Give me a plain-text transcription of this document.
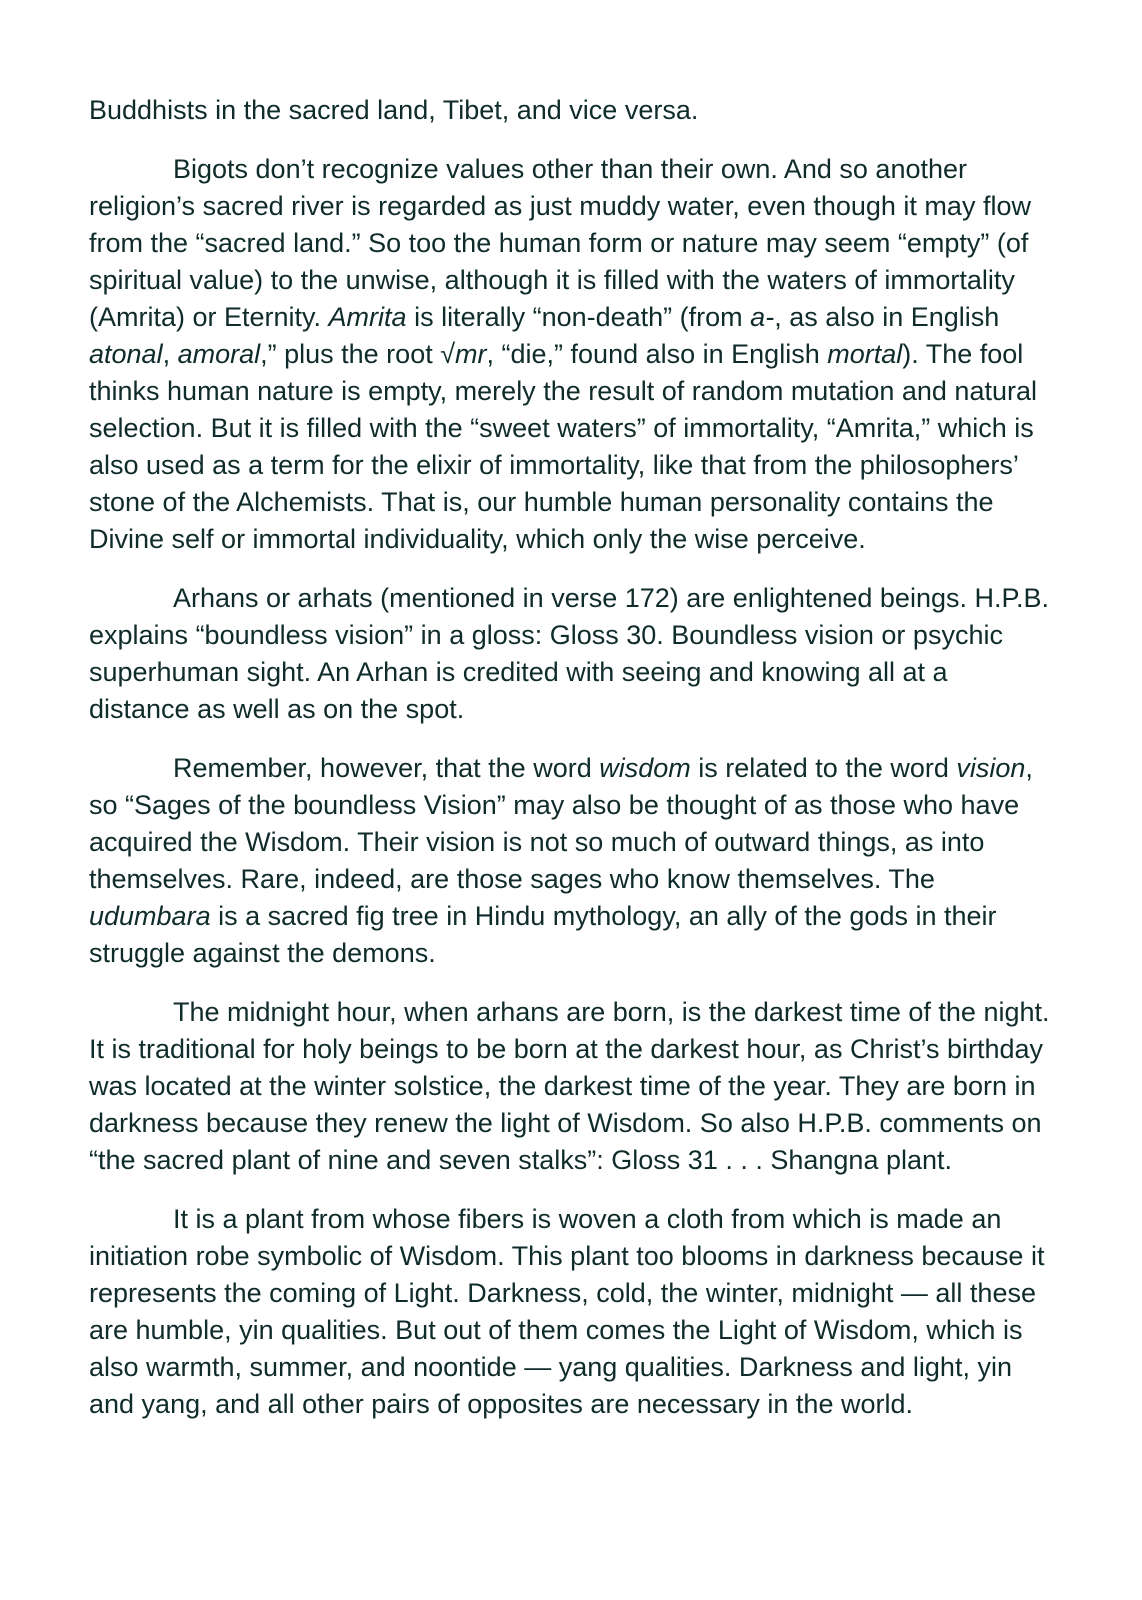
Buddhists in the sacred land, Tibet, and vice versa.

Bigots don’t recognize values other than their own. And so another religion’s sacred river is regarded as just muddy water, even though it may flow from the “sacred land.” So too the human form or nature may seem “empty” (of spiritual value) to the unwise, although it is filled with the waters of immortality (Amrita) or Eternity. Amrita is literally “non-death” (from a-, as also in English atonal, amoral,” plus the root √mr, “die,” found also in English mortal). The fool thinks human nature is empty, merely the result of random mutation and natural selection. But it is filled with the “sweet waters” of immortality, “Amrita,” which is also used as a term for the elixir of immortality, like that from the philosophers’ stone of the Alchemists. That is, our humble human personality contains the Divine self or immortal individuality, which only the wise perceive.

Arhans or arhats (mentioned in verse 172) are enlightened beings. H.P.B. explains “boundless vision” in a gloss: Gloss 30. Boundless vision or psychic superhuman sight. An Arhan is credited with seeing and knowing all at a distance as well as on the spot.

Remember, however, that the word wisdom is related to the word vision, so “Sages of the boundless Vision” may also be thought of as those who have acquired the Wisdom. Their vision is not so much of outward things, as into themselves. Rare, indeed, are those sages who know themselves. The udumbara is a sacred fig tree in Hindu mythology, an ally of the gods in their struggle against the demons.

The midnight hour, when arhans are born, is the darkest time of the night. It is traditional for holy beings to be born at the darkest hour, as Christ’s birthday was located at the winter solstice, the darkest time of the year. They are born in darkness because they renew the light of Wisdom. So also H.P.B. comments on “the sacred plant of nine and seven stalks”: Gloss 31 . . . Shangna plant.

It is a plant from whose fibers is woven a cloth from which is made an initiation robe symbolic of Wisdom. This plant too blooms in darkness because it represents the coming of Light. Darkness, cold, the winter, midnight — all these are humble, yin qualities. But out of them comes the Light of Wisdom, which is also warmth, summer, and noontide — yang qualities. Darkness and light, yin and yang, and all other pairs of opposites are necessary in the world.
